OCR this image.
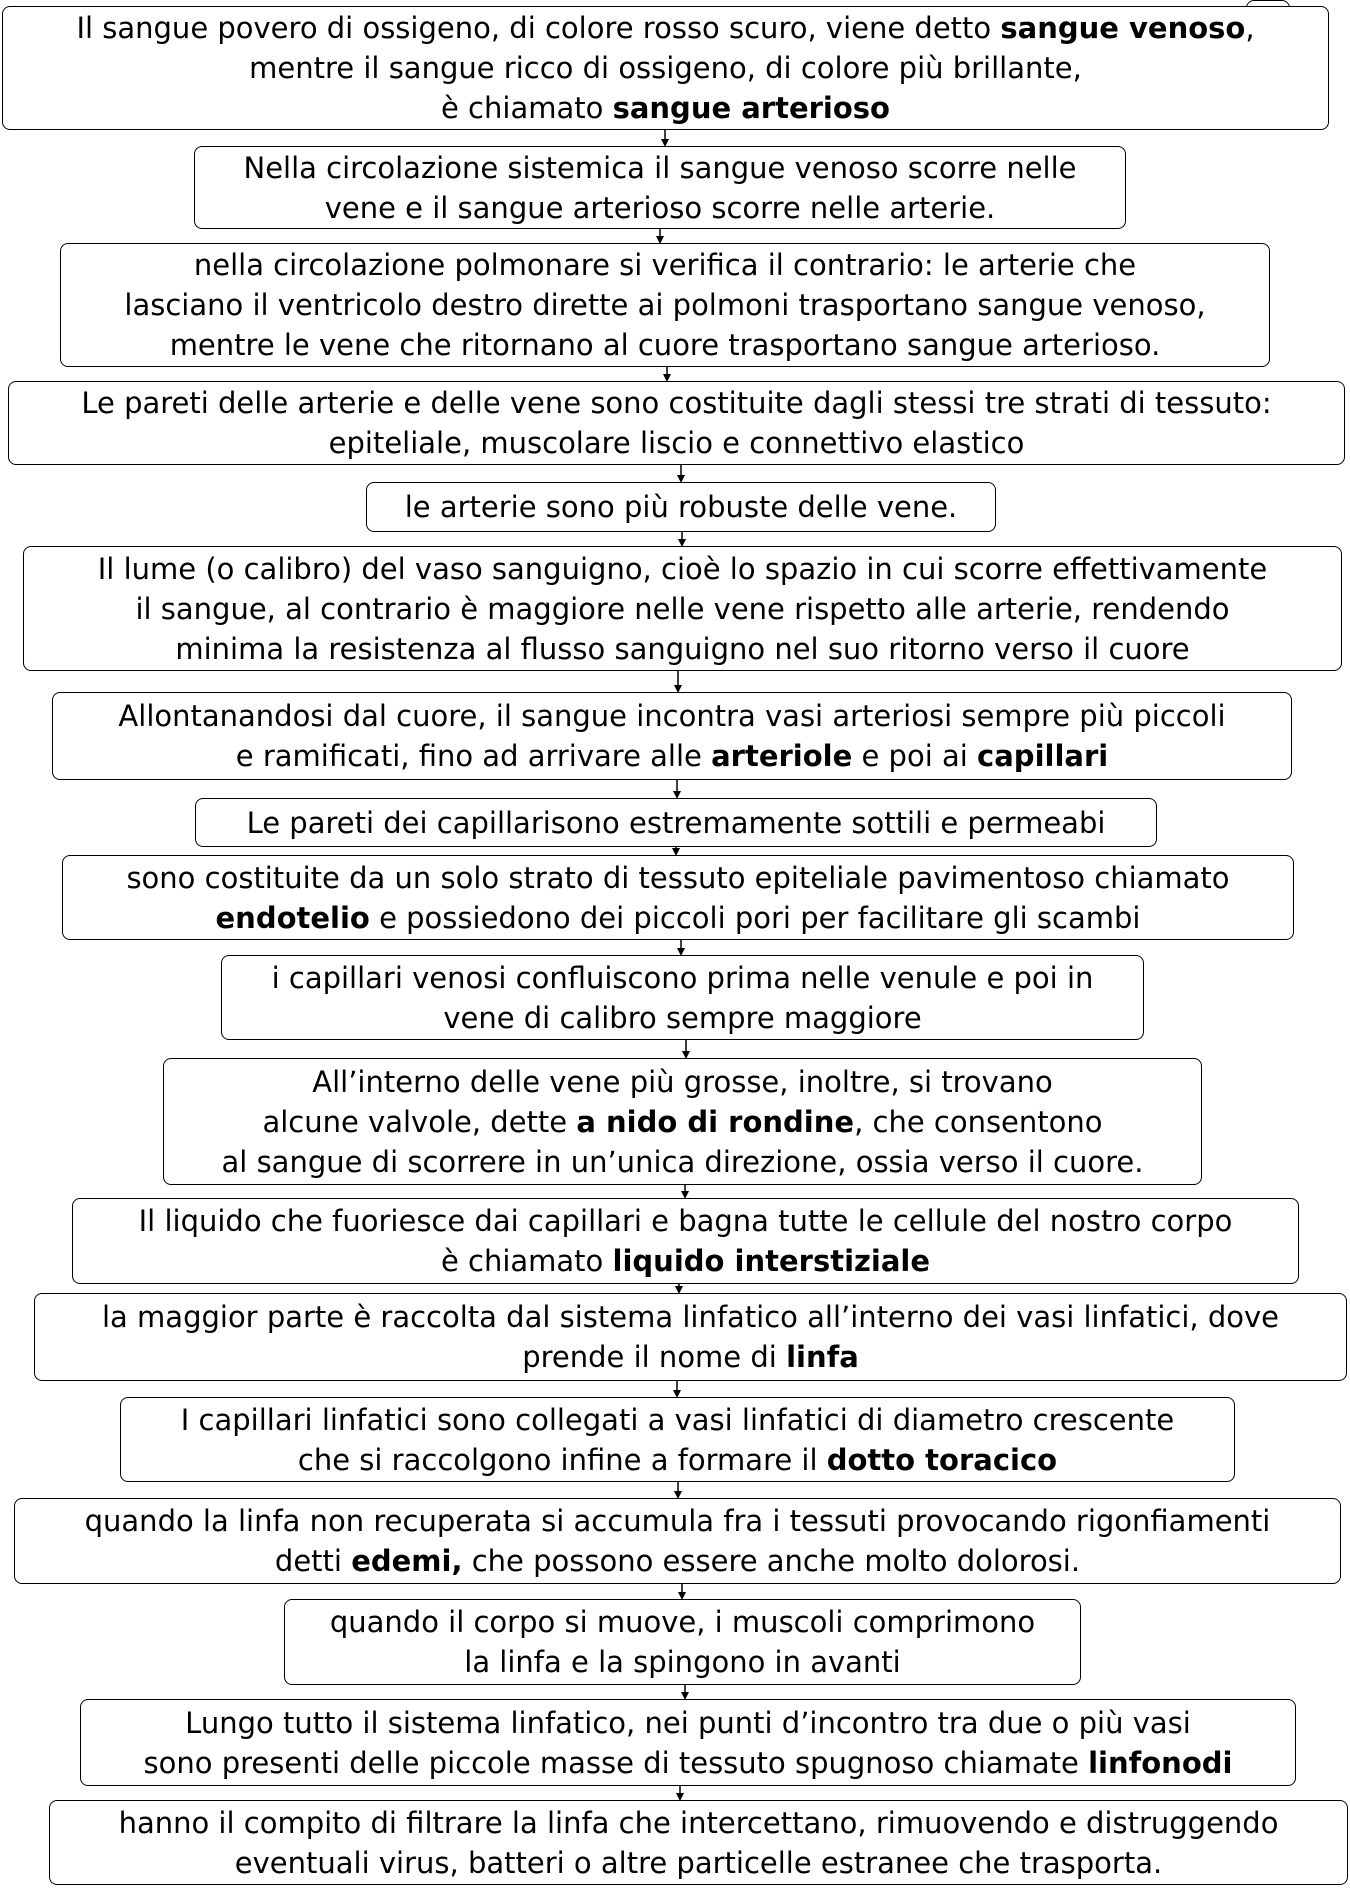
Il sangue povero di ossigeno, di colore rosso scuro, viene detto sangue venoso,
mentre il sangue ricco di ossigeno, di colore più brillante,
è chiamato sangue arterioso
Nella circolazione sistemica il sangue venoso scorre nelle
vene e il sangue arterioso scorre nelle arterie.
nella circolazione polmonare si verifica il contrario: le arterie che
lasciano il ventricolo destro dirette ai polmoni trasportano sangue venoso,
mentre le vene che ritornano al cuore trasportano sangue arterioso.
Le pareti delle arterie e delle vene sono costituite dagli stessi tre strati di tessuto:
epiteliale, muscolare liscio e connettivo elastico
le arterie sono più robuste delle vene.
Il lume (o calibro) del vaso sanguigno, cioè lo spazio in cui scorre effettivamente
il sangue, al contrario è maggiore nelle vene rispetto alle arterie, rendendo
minima la resistenza al flusso sanguigno nel suo ritorno verso il cuore
Allontanandosi dal cuore, il sangue incontra vasi arteriosi sempre più piccoli
e ramificati, fino ad arrivare alle arteriole e poi ai capillari
Le pareti dei capillarisono estremamente sottili e permeabi
sono costituite da un solo strato di tessuto epiteliale pavimentoso chiamato
endotelio e possiedono dei piccoli pori per facilitare gli scambi
i capillari venosi confluiscono prima nelle venule e poi in
vene di calibro sempre maggiore
All’interno delle vene più grosse, inoltre, si trovano
alcune valvole, dette a nido di rondine, che consentono
al sangue di scorrere in un’unica direzione, ossia verso il cuore.
Il liquido che fuoriesce dai capillari e bagna tutte le cellule del nostro corpo
è chiamato liquido interstiziale
la maggior parte è raccolta dal sistema linfatico all’interno dei vasi linfatici, dove
prende il nome di linfa
I capillari linfatici sono collegati a vasi linfatici di diametro crescente
che si raccolgono infine a formare il dotto toracico
quando la linfa non recuperata si accumula fra i tessuti provocando rigonfiamenti
detti edemi, che possono essere anche molto dolorosi.
quando il corpo si muove, i muscoli comprimono
la linfa e la spingono in avanti
Lungo tutto il sistema linfatico, nei punti d’incontro tra due o più vasi
sono presenti delle piccole masse di tessuto spugnoso chiamate linfonodi
hanno il compito di filtrare la linfa che intercettano, rimuovendo e distruggendo
eventuali virus, batteri o altre particelle estranee che trasporta.
